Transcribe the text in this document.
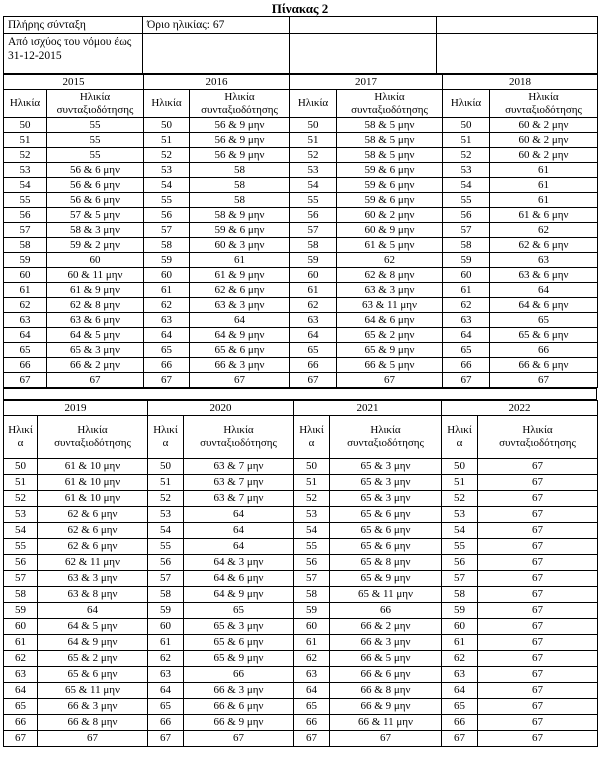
Πίνακας 2
Πλήρης σύνταξη	Όριο ηλικίας: 67		
Από ισχύος του νόμου έως 31-12-2015			
2015		2016		2017		2018	
Ηλικία	Ηλικία συνταξιοδότησης	Ηλικία	Ηλικία συνταξιοδότησης	Ηλικία	Ηλικία συνταξιοδότησης	Ηλικία	Ηλικία συνταξιοδότησης
50	55	50	56 & 9 μην	50	58 & 5 μην	50	60 & 2 μην
51	55	51	56 & 9 μην	51	58 & 5 μην	51	60 & 2 μην
52	55	52	56 & 9 μην	52	58 & 5 μην	52	60 & 2 μην
53	56 & 6 μην	53	58	53	59 & 6 μην	53	61
54	56 & 6 μην	54	58	54	59 & 6 μην	54	61
55	56 & 6 μην	55	58	55	59 & 6 μην	55	61
56	57 & 5 μην	56	58 & 9 μην	56	60 & 2 μην	56	61 & 6 μην
57	58 & 3 μην	57	59 & 6 μην	57	60 & 9 μην	57	62
58	59 & 2 μην	58	60 & 3 μην	58	61 & 5 μην	58	62 & 6 μην
59	60	59	61	59	62	59	63
60	60 & 11 μην	60	61 & 9 μην	60	62 & 8 μην	60	63 & 6 μην
61	61 & 9 μην	61	62 & 6 μην	61	63 & 3 μην	61	64
62	62 & 8 μην	62	63 & 3 μην	62	63 & 11 μην	62	64 & 6 μην
63	63 & 6 μην	63	64	63	64 & 6 μην	63	65
64	64 & 5 μην	64	64 & 9 μην	64	65 & 2 μην	64	65 & 6 μην
65	65 & 3 μην	65	65 & 6 μην	65	65 & 9 μην	65	66
66	66 & 2 μην	66	66 & 3 μην	66	66 & 5 μην	66	66 & 6 μην
67	67	67	67	67	67	67	67
2019		2020		2021		2022	
Ηλικία	Ηλικία συνταξιοδότησης	Ηλικία	Ηλικία συνταξιοδότησης	Ηλικία	Ηλικία συνταξιοδότησης	Ηλικία	Ηλικία συνταξιοδότησης
50	61 & 10 μην	50	63 & 7 μην	50	65 & 3 μην	50	67
51	61 & 10 μην	51	63 & 7 μην	51	65 & 3 μην	51	67
52	61 & 10 μην	52	63 & 7 μην	52	65 & 3 μην	52	67
53	62 & 6 μην	53	64	53	65 & 6 μην	53	67
54	62 & 6 μην	54	64	54	65 & 6 μην	54	67
55	62 & 6 μην	55	64	55	65 & 6 μην	55	67
56	62 & 11 μην	56	64 & 3 μην	56	65 & 8 μην	56	67
57	63 & 3 μην	57	64 & 6 μην	57	65 & 9 μην	57	67
58	63 & 8 μην	58	64 & 9 μην	58	65 & 11 μην	58	67
59	64	59	65	59	66	59	67
60	64 & 5 μην	60	65 & 3 μην	60	66 & 2 μην	60	67
61	64 & 9 μην	61	65 & 6 μην	61	66 & 3 μην	61	67
62	65 & 2 μην	62	65 & 9 μην	62	66 & 5 μην	62	67
63	65 & 6 μην	63	66	63	66 & 6 μην	63	67
64	65 & 11 μην	64	66 & 3 μην	64	66 & 8 μην	64	67
65	66 & 3 μην	65	66 & 6 μην	65	66 & 9 μην	65	67
66	66 & 8 μην	66	66 & 9 μην	66	66 & 11 μην	66	67
67	67	67	67	67	67	67	67
